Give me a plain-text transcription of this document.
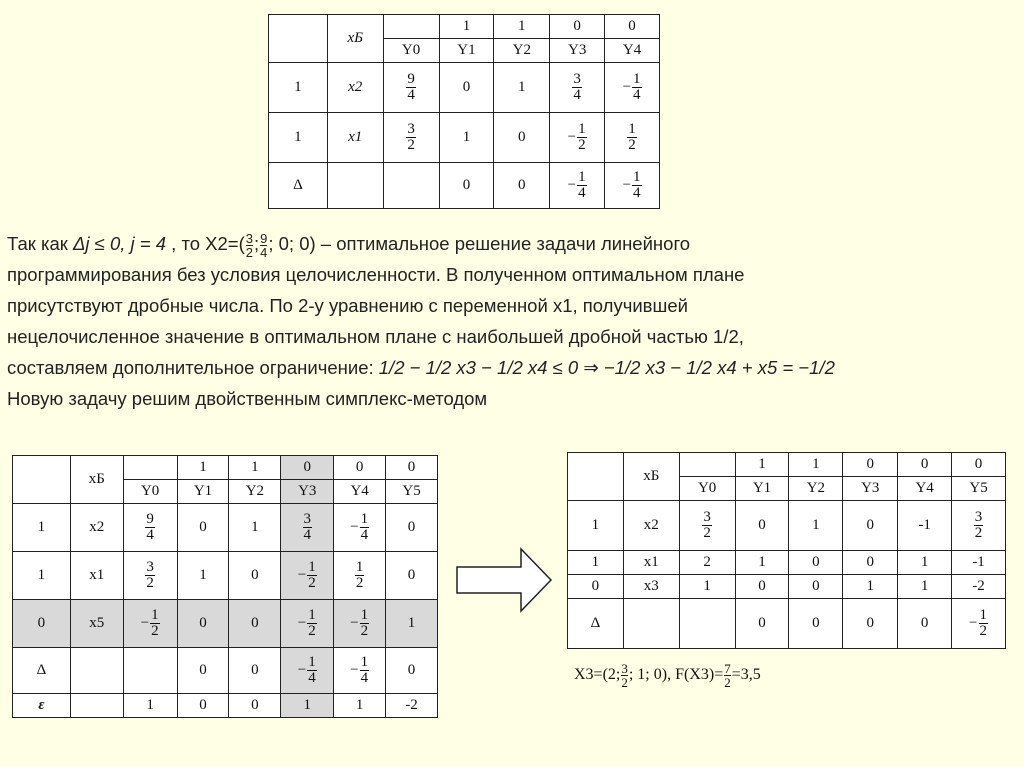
	xБ		1	1	0	0
		Y0	Y1	Y2	Y3	Y4
1	x2	$\frac{9}{4}$	0	1	$\frac{3}{4}$	− $\frac{1}{4}$

1	x1	$\frac{3}{2}$	1	0	− $\frac{1}{2}$	$\frac{1}{2}$

Δ			0	0	− $\frac{1}{4}$	− $\frac{1}{4}$

Так как Δj ≤ 0, j = 4 , то $Х2=( \frac{3}{2}$ ; $\frac{9}{4}$ ; 0; 0) – оптимальное решение задачи линейного

программирования без условия целочисленности. В полученном оптимальном плане

присутствуют дробные числа. По 2-у уравнению с переменной х1, получившей

нецелочисленное значение в оптимальном плане с наибольшей дробной частью 1/2,

составляем дополнительное ограничение: 1/2 − 1/2 x3 − 1/2 x4 ≤ 0 ⇒ −1/2 x3 − 1/2 x4 + x5 = −1/2

Новую задачу решим двойственным симплекс-методом

	хБ		1	1	0	0	0
		Y0	Y1	Y2	Y3	Y4	Y5
1	х2	$\frac{9}{4}$	0	1	$\frac{3}{4}$	− $\frac{1}{4}$	0
1	х1	$\frac{3}{2}$	1	0	− $\frac{1}{2}$	$\frac{1}{2}$	0
0	х5	− $\frac{1}{2}$	0	0	− $\frac{1}{2}$	− $\frac{1}{2}$	1
Δ			0	0	− $\frac{1}{4}$	− $\frac{1}{4}$	0
ε		1	0	0	1	1	-2
	хБ		1	1	0	0	0
		Y0	Y1	Y2	Y3	Y4	Y5
1	х2	$\frac{3}{2}$	0	1	0	-1	$\frac{3}{2}$

1	х1	2	1	0	0	1	-1
0	х3	1	0	0	1	1	-2
Δ			0	0	0	0	− $\frac{1}{2}$
Х3=(2; $\frac{3}{2}$ ; 1; 0), $F(Х3)= \frac{7}{2} =3,5$
